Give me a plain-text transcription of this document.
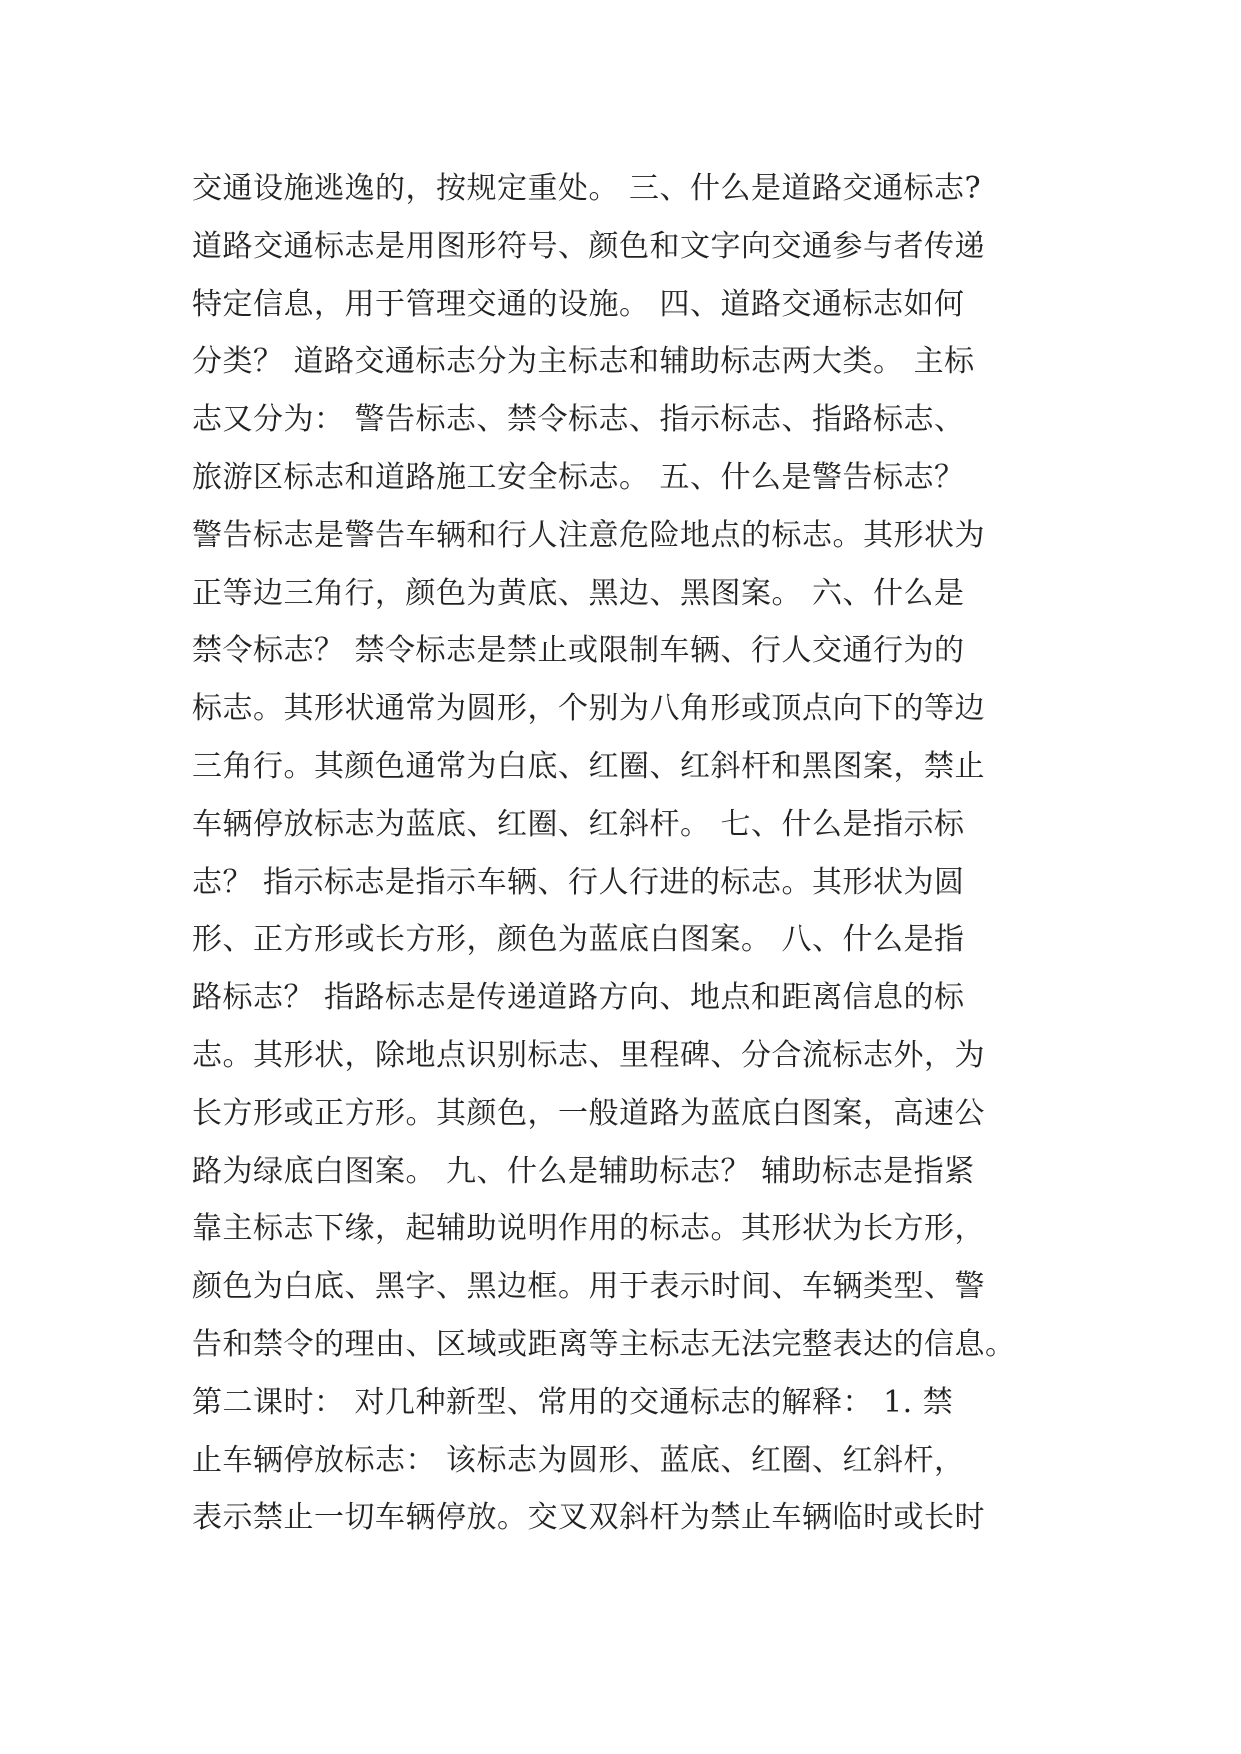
交通设施逃逸的，按规定重处。 三、什么是道路交通标志?
道路交通标志是用图形符号、颜色和文字向交通参与者传递
特定信息，用于管理交通的设施。 四、道路交通标志如何
分类？ 道路交通标志分为主标志和辅助标志两大类。 主标
志又分为： 警告标志、禁令标志、指示标志、指路标志、
旅游区标志和道路施工安全标志。 五、什么是警告标志？
警告标志是警告车辆和行人注意危险地点的标志。其形状为
正等边三角行，颜色为黄底、黑边、黑图案。 六、什么是
禁令标志？ 禁令标志是禁止或限制车辆、行人交通行为的
标志。其形状通常为圆形，个别为八角形或顶点向下的等边
三角行。其颜色通常为白底、红圈、红斜杆和黑图案，禁止
车辆停放标志为蓝底、红圈、红斜杆。 七、什么是指示标
志？ 指示标志是指示车辆、行人行进的标志。其形状为圆
形、正方形或长方形，颜色为蓝底白图案。 八、什么是指
路标志？ 指路标志是传递道路方向、地点和距离信息的标
志。其形状，除地点识别标志、里程碑、分合流标志外，为
长方形或正方形。其颜色，一般道路为蓝底白图案，高速公
路为绿底白图案。 九、什么是辅助标志？ 辅助标志是指紧
靠主标志下缘，起辅助说明作用的标志。其形状为长方形，
颜色为白底、黑字、黑边框。用于表示时间、车辆类型、警
告和禁令的理由、区域或距离等主标志无法完整表达的信息。
第二课时： 对几种新型、常用的交通标志的解释： 1. 禁
止车辆停放标志： 该标志为圆形、蓝底、红圈、红斜杆，
表示禁止一切车辆停放。交叉双斜杆为禁止车辆临时或长时
